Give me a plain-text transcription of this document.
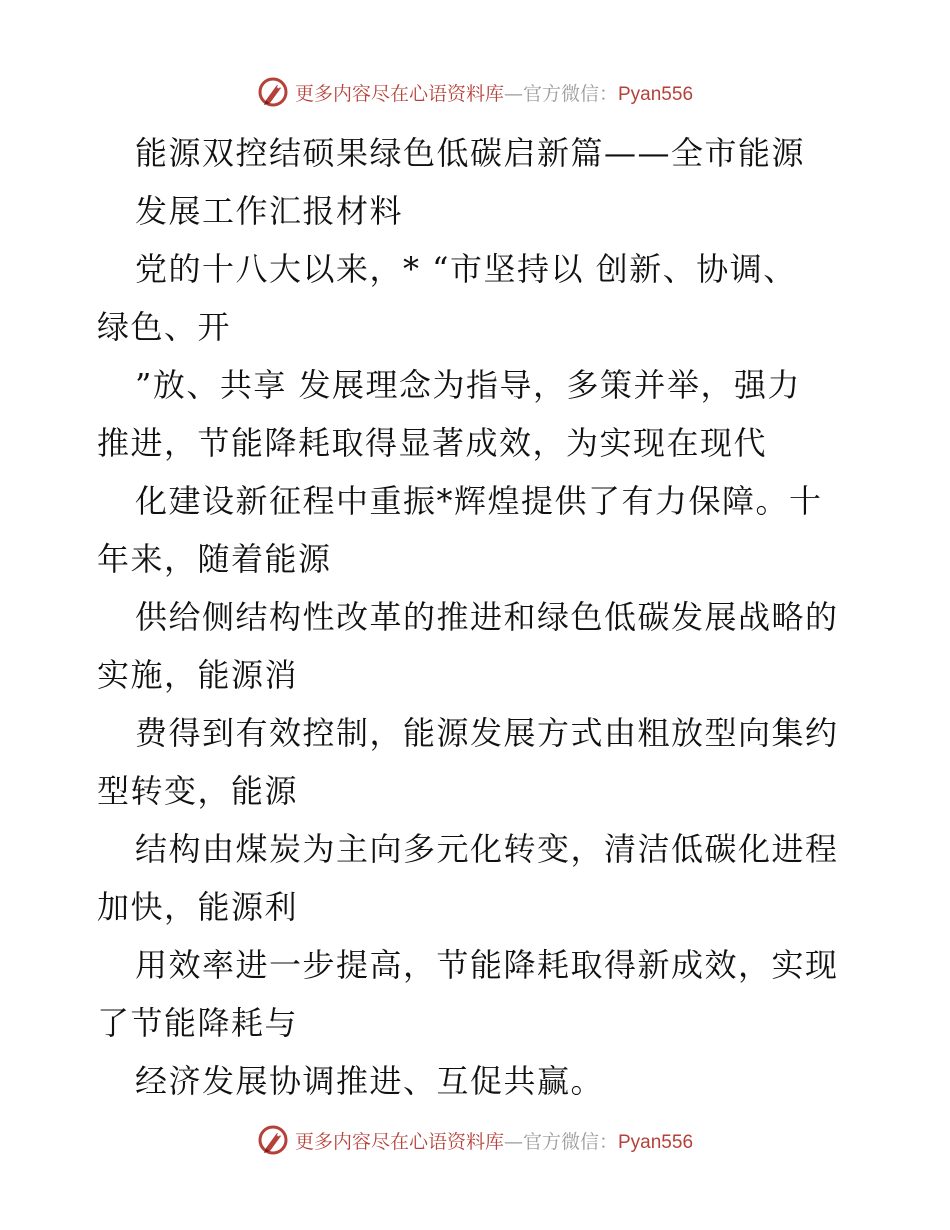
更多内容尽在心语资料库—官方微信：Pyan556
能源双控结硕果绿色低碳启新篇——全市能源
发展工作汇报材料
党的十八大以来，* “市坚持以 创新、协调、
绿色、开
”放、共享 发展理念为指导，多策并举，强力
推进，节能降耗取得显著成效，为实现在现代
化建设新征程中重振*辉煌提供了有力保障。十
年来，随着能源
供给侧结构性改革的推进和绿色低碳发展战略的
实施，能源消
费得到有效控制，能源发展方式由粗放型向集约
型转变，能源
结构由煤炭为主向多元化转变，清洁低碳化进程
加快，能源利
用效率进一步提高，节能降耗取得新成效，实现
了节能降耗与
经济发展协调推进、互促共赢。
更多内容尽在心语资料库—官方微信：Pyan556
